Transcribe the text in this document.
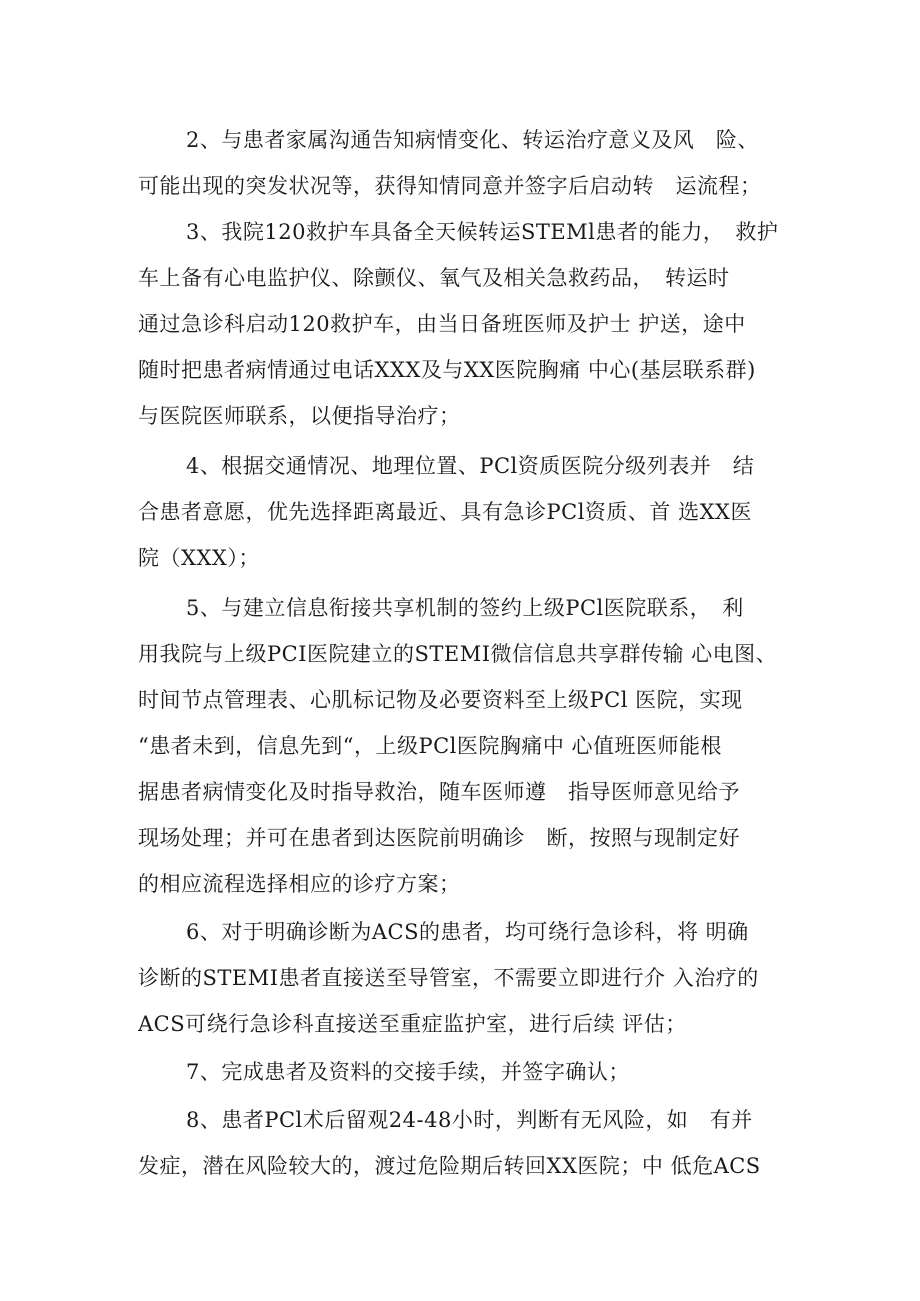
2、与患者家属沟通告知病情变化、转运治疗意义及风　险、
可能出现的突发状况等，获得知情同意并签字后启动转　运流程；
3、我院120救护车具备全天候转运STEMl患者的能力，　救护
车上备有心电监护仪、除颤仪、氧气及相关急救药品，　转运时
通过急诊科启动120救护车，由当日备班医师及护士 护送，途中
随时把患者病情通过电话XXX及与XX医院胸痛 中心(基层联系群)
与医院医师联系，以便指导治疗；
4、根据交通情况、地理位置、PCl资质医院分级列表并　结
合患者意愿，优先选择距离最近、具有急诊PCl资质、首 选XX医
院（XXX）；
5、与建立信息衔接共享机制的签约上级PCl医院联系，　利
用我院与上级PCI医院建立的STEMI微信信息共享群传输 心电图、
时间节点管理表、心肌标记物及必要资料至上级PCl 医院，实现
“患者未到，信息先到“，上级PCl医院胸痛中 心值班医师能根
据患者病情变化及时指导救治，随车医师遵　指导医师意见给予
现场处理；并可在患者到达医院前明确诊　断，按照与现制定好
的相应流程选择相应的诊疗方案；
6、对于明确诊断为ACS的患者，均可绕行急诊科，将 明确
诊断的STEMI患者直接送至导管室，不需要立即进行介 入治疗的
ACS可绕行急诊科直接送至重症监护室，进行后续 评估；
7、完成患者及资料的交接手续，并签字确认；
8、患者PCl术后留观24-48小时，判断有无风险，如　有并
发症，潜在风险较大的，渡过危险期后转回XX医院；中 低危ACS
